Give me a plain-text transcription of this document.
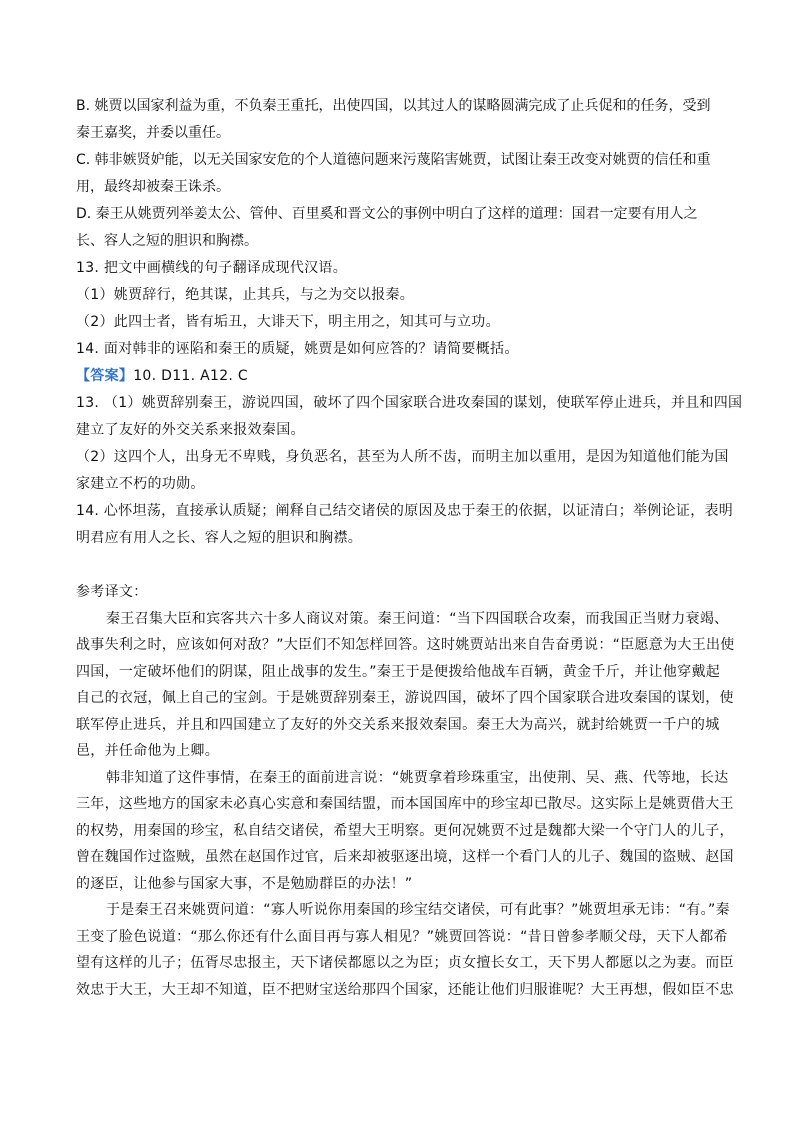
B. 姚贾以国家利益为重，不负秦王重托，出使四国，以其过人的谋略圆满完成了止兵促和的任务，受到
秦王嘉奖，并委以重任。
C. 韩非嫉贤妒能，以无关国家安危的个人道德问题来污蔑陷害姚贾，试图让秦王改变对姚贾的信任和重
用，最终却被秦王诛杀。
D. 秦王从姚贾列举姜太公、管仲、百里奚和晋文公的事例中明白了这样的道理：国君一定要有用人之
长、容人之短的胆识和胸襟。
13. 把文中画横线的句子翻译成现代汉语。
（1）姚贾辞行，绝其谋，止其兵，与之为交以报秦。
（2）此四士者，皆有垢丑，大诽天下，明主用之，知其可与立功。
14. 面对韩非的诬陷和秦王的质疑，姚贾是如何应答的？请简要概括。
【答案】10. D11. A12. C
13. （1）姚贾辞别秦王，游说四国，破坏了四个国家联合进攻秦国的谋划，使联军停止进兵，并且和四国
建立了友好的外交关系来报效秦国。
（2）这四个人，出身无不卑贱，身负恶名，甚至为人所不齿，而明主加以重用，是因为知道他们能为国
家建立不朽的功勋。
14. 心怀坦荡，直接承认质疑；阐释自己结交诸侯的原因及忠于秦王的依据，以证清白；举例论证，表明
明君应有用人之长、容人之短的胆识和胸襟。
参考译文：
秦王召集大臣和宾客共六十多人商议对策。秦王问道：“当下四国联合攻秦，而我国正当财力衰竭、
战事失利之时，应该如何对敌？”大臣们不知怎样回答。这时姚贾站出来自告奋勇说：“臣愿意为大王出使
四国，一定破坏他们的阴谋，阻止战事的发生。”秦王于是便拨给他战车百辆，黄金千斤，并让他穿戴起
自己的衣冠，佩上自己的宝剑。于是姚贾辞别秦王，游说四国，破坏了四个国家联合进攻秦国的谋划，使
联军停止进兵，并且和四国建立了友好的外交关系来报效秦国。秦王大为高兴，就封给姚贾一千户的城
邑，并任命他为上卿。
韩非知道了这件事情，在秦王的面前进言说：“姚贾拿着珍珠重宝，出使荆、吴、燕、代等地，长达
三年，这些地方的国家未必真心实意和秦国结盟，而本国国库中的珍宝却已散尽。这实际上是姚贾借大王
的权势，用秦国的珍宝，私自结交诸侯，希望大王明察。更何况姚贾不过是魏都大梁一个守门人的儿子，
曾在魏国作过盗贼，虽然在赵国作过官，后来却被驱逐出境，这样一个看门人的儿子、魏国的盗贼、赵国
的逐臣，让他参与国家大事，不是勉励群臣的办法！”
于是秦王召来姚贾问道：“寡人听说你用秦国的珍宝结交诸侯，可有此事？”姚贾坦承无讳：“有。”秦
王变了脸色说道：“那么你还有什么面目再与寡人相见？”姚贾回答说：“昔日曾参孝顺父母，天下人都希
望有这样的儿子；伍胥尽忠报主，天下诸侯都愿以之为臣；贞女擅长女工，天下男人都愿以之为妻。而臣
效忠于大王，大王却不知道，臣不把财宝送给那四个国家，还能让他们归服谁呢？大王再想，假如臣不忠
